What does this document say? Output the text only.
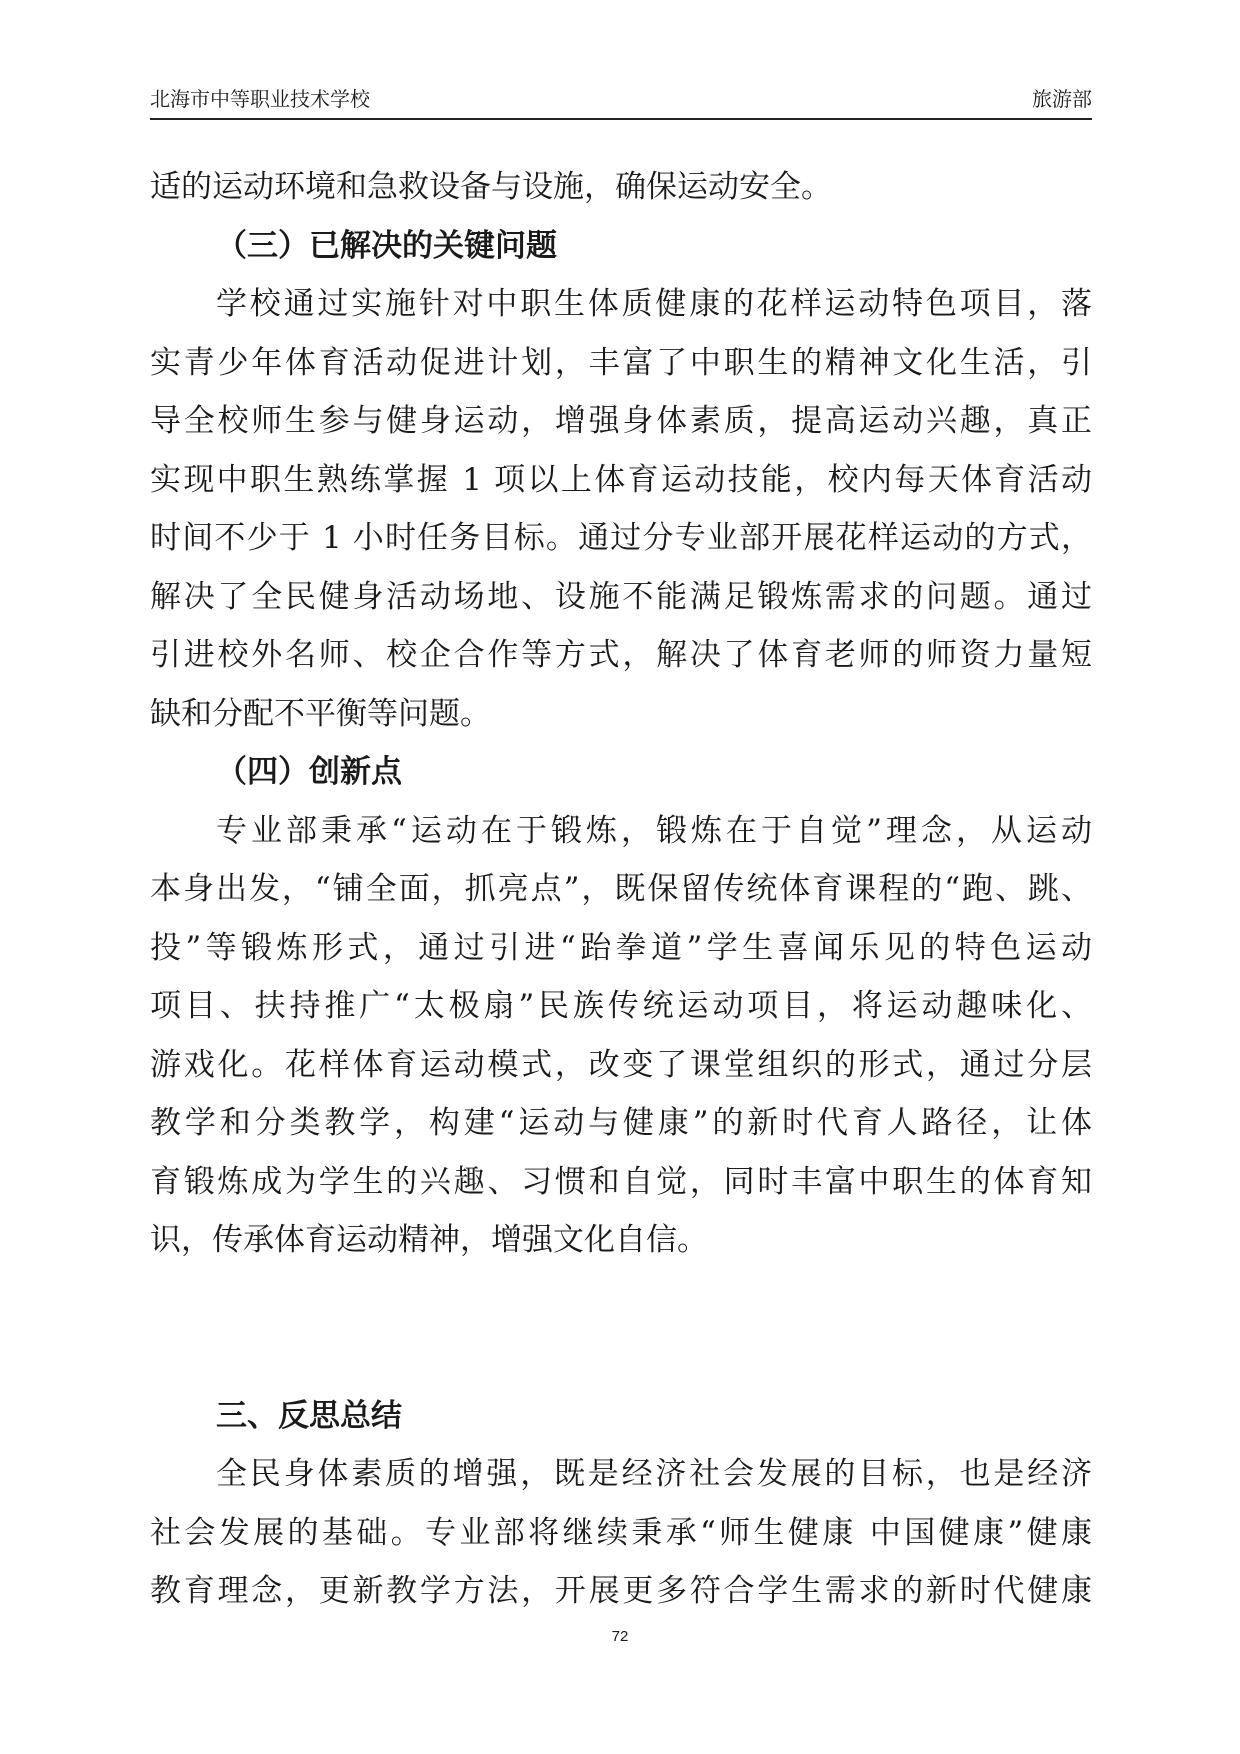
北海市中等职业技术学校	旅游部
适的运动环境和急救设备与设施，确保运动安全。
（三）已解决的关键问题
学校通过实施针对中职生体质健康的花样运动特色项目，落
实青少年体育活动促进计划，丰富了中职生的精神文化生活，引
导全校师生参与健身运动，增强身体素质，提高运动兴趣，真正
实现中职生熟练掌握 1 项以上体育运动技能，校内每天体育活动
时间不少于 1 小时任务目标。通过分专业部开展花样运动的方式，
解决了全民健身活动场地、设施不能满足锻炼需求的问题。通过
引进校外名师、校企合作等方式，解决了体育老师的师资力量短
缺和分配不平衡等问题。
（四）创新点
专业部秉承“运动在于锻炼，锻炼在于自觉”理念，从运动
本身出发，“铺全面，抓亮点”，既保留传统体育课程的“跑、跳、
投”等锻炼形式，通过引进“跆拳道”学生喜闻乐见的特色运动
项目、扶持推广“太极扇”民族传统运动项目，将运动趣味化、
游戏化。花样体育运动模式，改变了课堂组织的形式，通过分层
教学和分类教学，构建“运动与健康”的新时代育人路径，让体
育锻炼成为学生的兴趣、习惯和自觉，同时丰富中职生的体育知
识，传承体育运动精神，增强文化自信。
三、反思总结
全民身体素质的增强，既是经济社会发展的目标，也是经济
社会发展的基础。专业部将继续秉承“师生健康 中国健康”健康
教育理念，更新教学方法，开展更多符合学生需求的新时代健康
72
